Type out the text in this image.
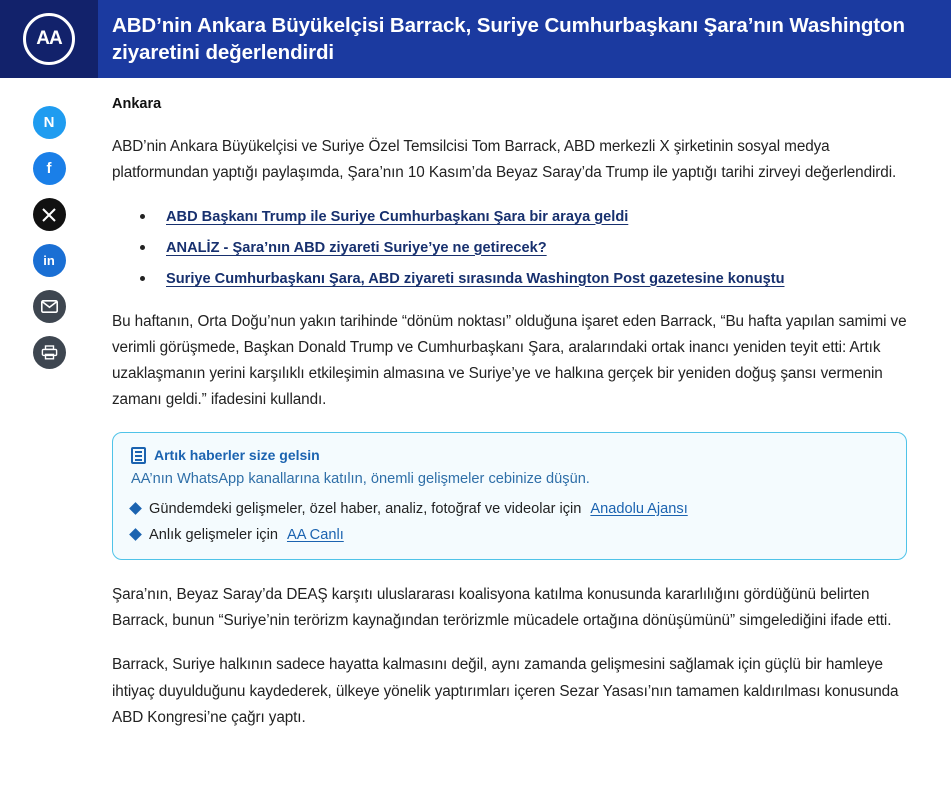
AA
ABD’nin Ankara Büyükelçisi Barrack, Suriye Cumhurbaşkanı Şara’nın Washington ziyaretini değerlendirdi
N
f
in
Ankara

ABD’nin Ankara Büyükelçisi ve Suriye Özel Temsilcisi Tom Barrack, ABD merkezli X şirketinin sosyal medya platformundan yaptığı paylaşımda, Şara’nın 10 Kasım’da Beyaz Saray’da Trump ile yaptığı tarihi zirveyi değerlendirdi.

ABD Başkanı Trump ile Suriye Cumhurbaşkanı Şara bir araya geldi
ANALİZ - Şara’nın ABD ziyareti Suriye’ye ne getirecek?
Suriye Cumhurbaşkanı Şara, ABD ziyareti sırasında Washington Post gazetesine konuştu

Bu haftanın, Orta Doğu’nun yakın tarihinde “dönüm noktası” olduğuna işaret eden Barrack, “Bu hafta yapılan samimi ve verimli görüşmede, Başkan Donald Trump ve Cumhurbaşkanı Şara, aralarındaki ortak inancı yeniden teyit etti: Artık uzaklaşmanın yerini karşılıklı etkileşimin almasına ve Suriye’ye ve halkına gerçek bir yeniden doğuş şansı vermenin zamanı geldi.” ifadesini kullandı.

Artık haberler size gelsin
AA’nın WhatsApp kanallarına katılın, önemli gelişmeler cebinize düşün.
Gündemdeki gelişmeler, özel haber, analiz, fotoğraf ve videolar için Anadolu Ajansı
Anlık gelişmeler için AA Canlı

Şara’nın, Beyaz Saray’da DEAŞ karşıtı uluslararası koalisyona katılma konusunda kararlılığını gördüğünü belirten Barrack, bunun “Suriye’nin terörizm kaynağından terörizmle mücadele ortağına dönüşümünü” simgelediğini ifade etti.

Barrack, Suriye halkının sadece hayatta kalmasını değil, aynı zamanda gelişmesini sağlamak için güçlü bir hamleye ihtiyaç duyulduğunu kaydederek, ülkeye yönelik yaptırımları içeren Sezar Yasası’nın tamamen kaldırılması konusunda ABD Kongresi’ne çağrı yaptı.
